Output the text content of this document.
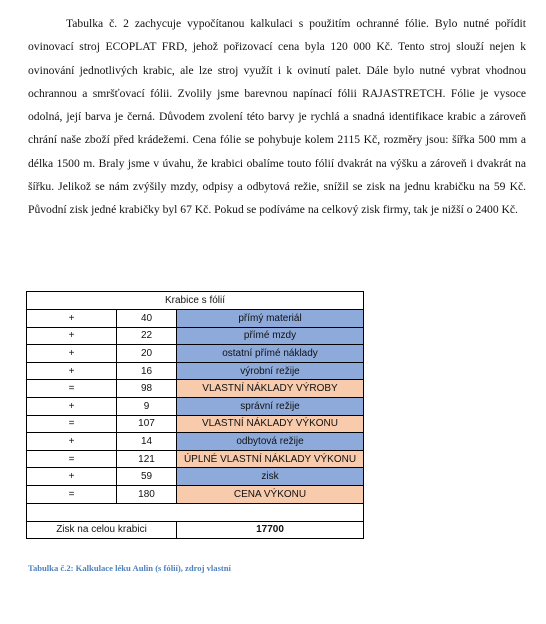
Tabulka č. 2 zachycuje vypočítanou kalkulaci s použitím ochranné fólie. Bylo nutné pořídit ovinovací stroj ECOPLAT FRD, jehož pořizovací cena byla 120 000 Kč. Tento stroj slouží nejen k ovinování jednotlivých krabic, ale lze stroj využít i k ovinutí palet. Dále bylo nutné vybrat vhodnou ochrannou a smršťovací fólii. Zvolily jsme barevnou napínací fólii RAJASTRETCH. Fólie je vysoce odolná, její barva je černá. Důvodem zvolení této barvy je rychlá a snadná identifikace krabic a zároveň chrání naše zboží před krádežemi. Cena fólie se pohybuje kolem 2115 Kč, rozměry jsou: šířka 500 mm a délka 1500 m. Braly jsme v úvahu, že krabici obalíme touto fólií dvakrát na výšku a zároveň i dvakrát na šířku. Jelikož se nám zvýšily mzdy, odpisy a odbytová režie, snížil se zisk na jednu krabičku na 59 Kč. Původní zisk jedné krabičky byl 67 Kč. Pokud se podíváme na celkový zisk firmy, tak je nižší o 2400 Kč.

Krabice s fólií		
+	40	přímý materiál
+	22	přímé mzdy
+	20	ostatní přímé náklady
+	16	výrobní režije
=	98	VLASTNÍ NÁKLADY VÝROBY
+	9	správní režije
=	107	VLASTNÍ NÁKLADY VÝKONU
+	14	odbytová režije
=	121	ÚPLNÉ VLASTNÍ NÁKLADY VÝKONU
+	59	zisk
=	180	CENA VÝKONU

Zisk na celou krabici		17700
Tabulka č.2: Kalkulace léku Aulin (s fólií), zdroj vlastní
